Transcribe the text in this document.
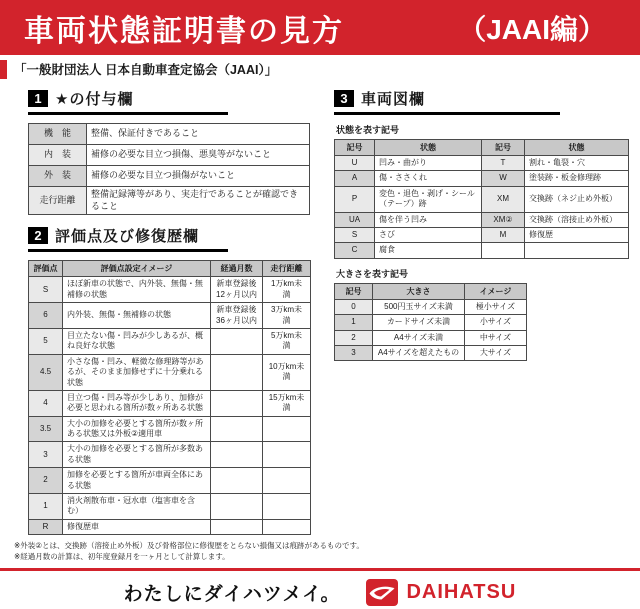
車両状態証明書の見方	（JAAI編）
「一般財団法人 日本自動車査定協会（JAAI）」
1 ★の付与欄
機　能	整備、保証付きであること
内　装	補修の必要な目立つ損傷、悪臭等がないこと
外　装	補修の必要な目立つ損傷がないこと
走行距離	整備記録簿等があり、実走行であることが確認できること
2 評価点及び修復歴欄
評価点	評価点設定イメージ	経過月数	走行距離
S	ほぼ新車の状態で、内外装、無傷・無補修の状態	新車登録後12ヶ月以内	1万km未満
6	内外装、無傷・無補修の状態	新車登録後36ヶ月以内	3万km未満
5	目立たない傷・凹みが少しあるが、概ね良好な状態		5万km未満
4.5	小さな傷・凹み、軽微な修理跡等があるが、そのまま加修せずに十分乗れる状態		10万km未満
4	目立つ傷・凹み等が少しあり、加修が必要と思われる箇所が数ヶ所ある状態		15万km未満
3.5	大小の加修を必要とする箇所が数ヶ所ある状態又は外板②適用車		
3	大小の加修を必要とする箇所が多数ある状態		
2	加修を必要とする箇所が車両全体にある状態		
1	消火剤散布車・冠水車（塩害車を含む）		
R	修復歴車		
3 車両図欄
状態を表す記号
記号	状態	記号	状態
U	凹み・曲がり	T	割れ・亀裂・穴
A	傷・ささくれ	W	塗装跡・板金修理跡
P	変色・退色・剥げ・シール（テープ）跡	XM	交換跡（ネジ止め外板）
UA	傷を伴う凹み	XM②	交換跡（溶接止め外板）
S	さび	M	修復歴
C	腐食		
大きさを表す記号
記号	大きさ	イメージ
0	500円玉サイズ未満	極小サイズ
1	カードサイズ未満	小サイズ
2	A4サイズ未満	中サイズ
3	A4サイズを超えたもの	大サイズ
※外装②とは、交換跡（溶接止め外板）及び骨格部位に修復歴をとらない損傷又は痕跡があるものです。
※経過月数の計算は、初年度登録月を一ヶ月として計算します。
わたしにダイハツメイ。	DAIHATSU
